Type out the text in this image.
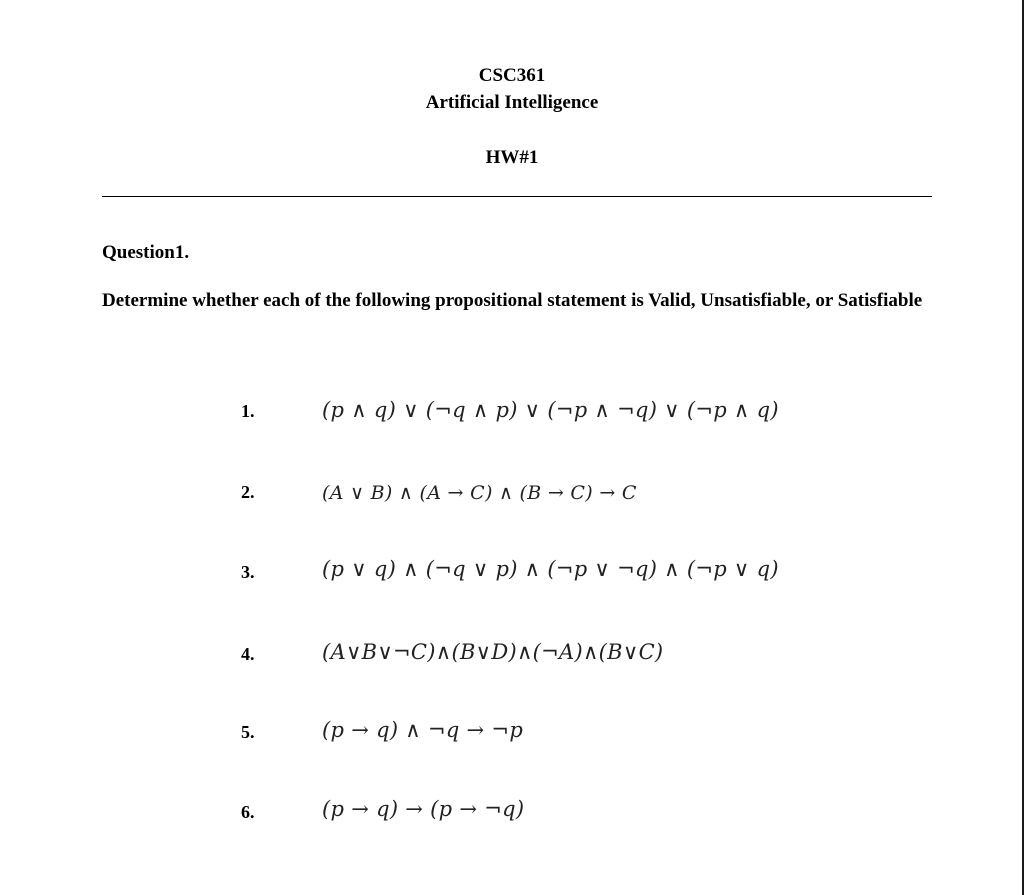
CSC361
Artificial Intelligence
HW#1
Question1.
Determine whether each of the following propositional statement is Valid, Unsatisfiable, or Satisfiable
1.	(p ∧ q) ∨ (¬q ∧ p) ∨ (¬p ∧ ¬q) ∨ (¬p ∧ q)
2.	(A ∨ B) ∧ (A → C) ∧ (B → C) → C
3.	(p ∨ q) ∧ (¬q ∨ p) ∧ (¬p ∨ ¬q) ∧ (¬p ∨ q)
4.	(A∨B∨¬C)∧(B∨D)∧(¬A)∧(B∨C)
5.	(p → q) ∧ ¬q → ¬p
6.	(p → q) → (p → ¬q)
